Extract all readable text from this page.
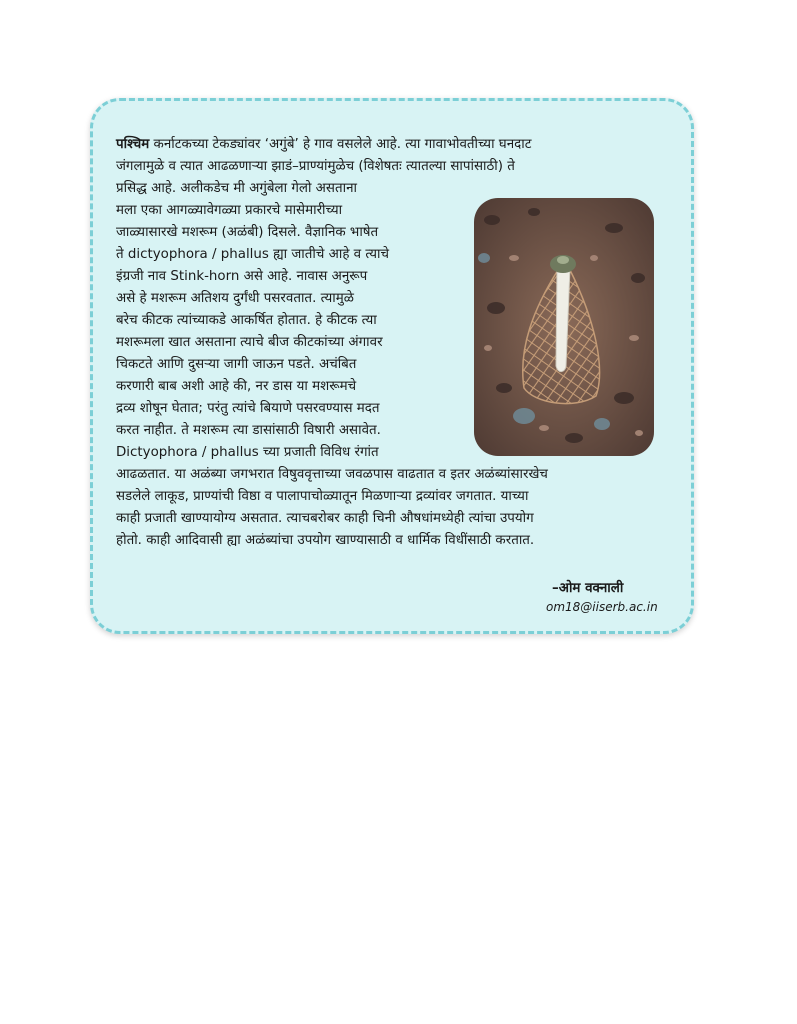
पश्चिम कर्नाटकच्या टेकड्यांवर ‘अगुंबे’ हे गाव वसलेले आहे. त्या गावाभोवतीच्या घनदाट
जंगलामुळे व त्यात आढळणाऱ्या झाडं–प्राण्यांमुळेच (विशेषतः त्यातल्या सापांसाठी) ते
प्रसिद्ध आहे. अलीकडेच मी अगुंबेला गेलो असताना
मला एका आगळ्यावेगळ्या प्रकारचे मासेमारीच्या
जाळ्यासारखे मशरूम (अळंबी) दिसले. वैज्ञानिक भाषेत
ते dictyophora / phallus ह्या जातीचे आहे व त्याचे
इंग्रजी नाव Stink-horn असे आहे. नावास अनुरूप
असे हे मशरूम अतिशय दुर्गंधी पसरवतात. त्यामुळे
बरेच कीटक त्यांच्याकडे आकर्षित होतात. हे कीटक त्या
मशरूमला खात असताना त्याचे बीज कीटकांच्या अंगावर
चिकटते आणि दुसऱ्या जागी जाऊन पडते. अचंबित
करणारी बाब अशी आहे की, नर डास या मशरूमचे
द्रव्य शोषून घेतात; परंतु त्यांचे बियाणे पसरवण्यास मदत
करत नाहीत. ते मशरूम त्या डासांसाठी विषारी असावेत.
Dictyophora / phallus च्या प्रजाती विविध रंगांत
आढळतात. या अळंब्या जगभरात विषुववृत्ताच्या जवळपास वाढतात व इतर अळंब्यांसारखेच
सडलेले लाकूड, प्राण्यांची विष्ठा व पालापाचोळ्यातून मिळणाऱ्या द्रव्यांवर जगतात. याच्या
काही प्रजाती खाण्यायोग्य असतात. त्याचबरोबर काही चिनी औषधांमध्येही त्यांचा उपयोग
होतो. काही आदिवासी ह्या अळंब्यांचा उपयोग खाण्यासाठी व धार्मिक विधींसाठी करतात.
–ओम वक्नाली
om18@iiserb.ac.in
